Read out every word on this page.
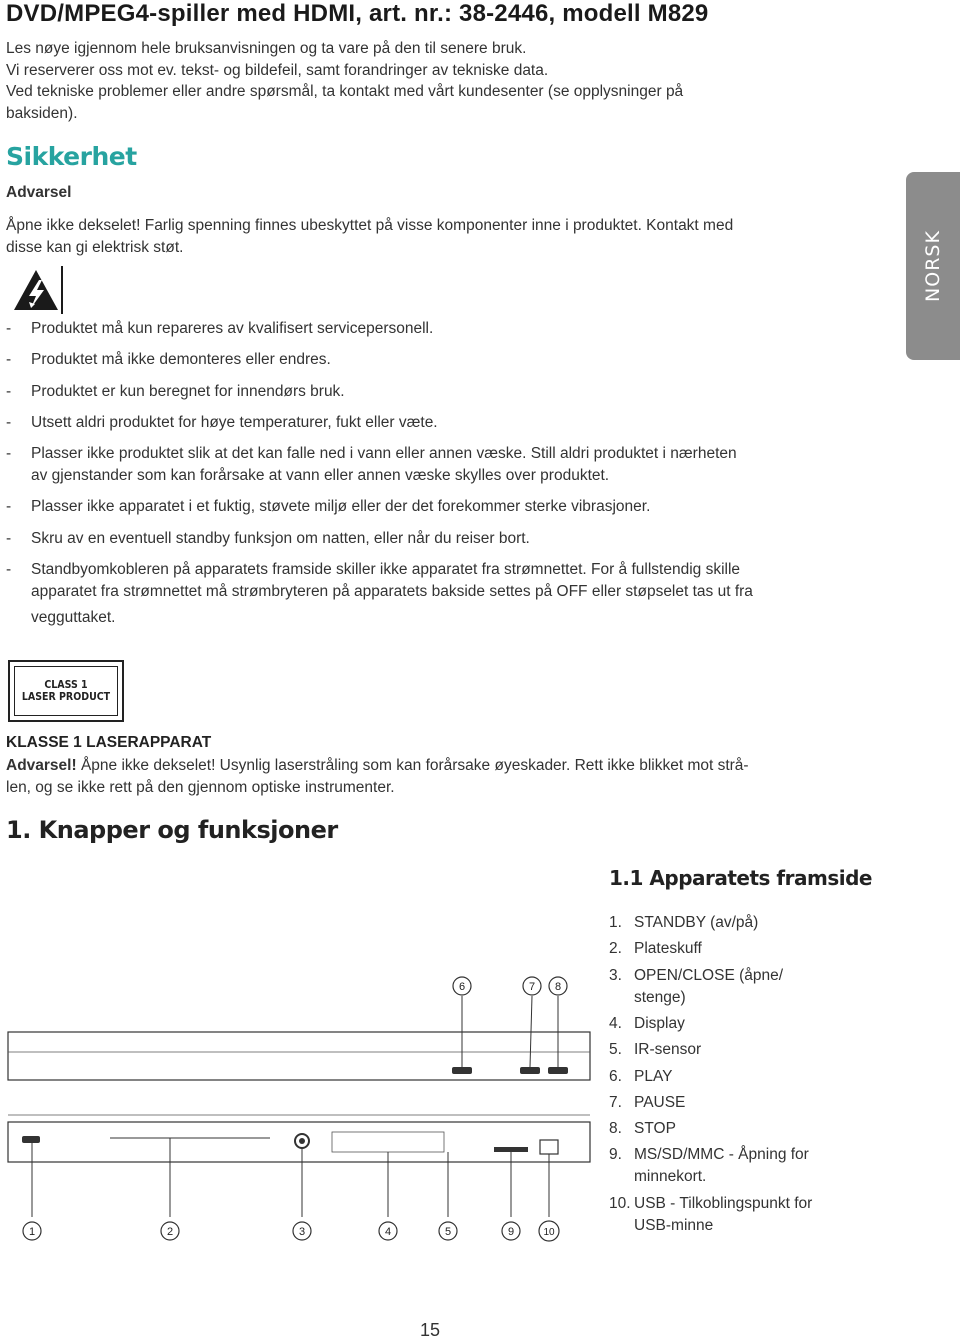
DVD/MPEG4-spiller med HDMI, art. nr.: 38-2446, modell M829
Les nøye igjennom hele bruksanvisningen og ta vare på den til senere bruk.
Vi reserverer oss mot ev. tekst- og bildefeil, samt forandringer av tekniske data.
Ved tekniske problemer eller andre spørsmål, ta kontakt med vårt kundesenter (se opplysninger på
baksiden).
Sikkerhet
Advarsel
Åpne ikke dekselet! Farlig spenning finnes ubeskyttet på visse komponenter inne i produktet. Kontakt med
disse kan gi elektrisk støt.
- Produktet må kun repareres av kvalifisert servicepersonell.
- Produktet må ikke demonteres eller endres.
- Produktet er kun beregnet for innendørs bruk.
- Utsett aldri produktet for høye temperaturer, fukt eller væte.
- Plasser ikke produktet slik at det kan falle ned i vann eller annen væske. Still aldri produktet i nærheten
av gjenstander som kan forårsake at vann eller annen væske skylles over produktet.
- Plasser ikke apparatet i et fuktig, støvete miljø eller der det forekommer sterke vibrasjoner.
- Skru av en eventuell standby funksjon om natten, eller når du reiser bort.
- Standbyomkobleren på apparatets framside skiller ikke apparatet fra strømnettet. For å fullstendig skille
apparatet fra strømnettet må strømbryteren på apparatets bakside settes på OFF eller støpselet tas ut fra
vegguttaket.
CLASS 1
LASER PRODUCT
KLASSE 1 LASERAPPARAT
Advarsel! Åpne ikke dekselet! Usynlig laserstråling som kan forårsake øyeskader. Rett ikke blikket mot strå-
len, og se ikke rett på den gjennom optiske instrumenter.
1. Knapper og funksjoner
1.1 Apparatets framside
1. STANDBY (av/på)
2. Plateskuff
3. OPEN/CLOSE (åpne/
stenge)
4. Display
5. IR-sensor
6. PLAY
7. PAUSE
8. STOP
9. MS/SD/MMC - Åpning for
minnekort.
10. USB - Tilkoblingspunkt for
USB-minne
6	7 8
1	2	3	4	5	9	10
15
NORSK
